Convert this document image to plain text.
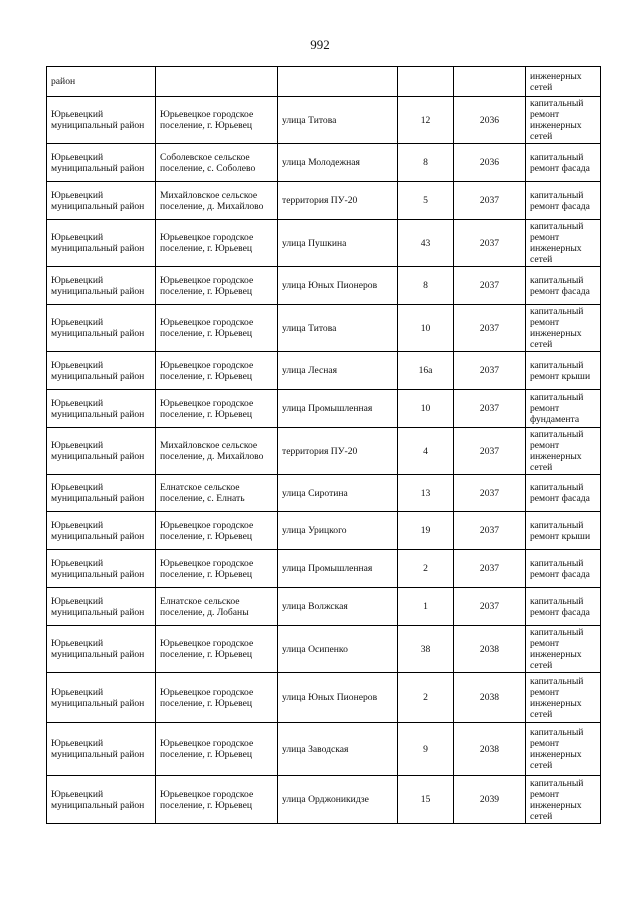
992
район					инженерных сетей
Юрьевецкий муниципальный район	Юрьевецкое городское поселение, г. Юрьевец	улица Титова	12	2036	капитальный ремонт инженерных сетей
Юрьевецкий муниципальный район	Соболевское сельское поселение, с. Соболево	улица Молодежная	8	2036	капитальный ремонт фасада
Юрьевецкий муниципальный район	Михайловское сельское поселение, д. Михайлово	территория ПУ-20	5	2037	капитальный ремонт фасада
Юрьевецкий муниципальный район	Юрьевецкое городское поселение, г. Юрьевец	улица Пушкина	43	2037	капитальный ремонт инженерных сетей
Юрьевецкий муниципальный район	Юрьевецкое городское поселение, г. Юрьевец	улица Юных Пионеров	8	2037	капитальный ремонт фасада
Юрьевецкий муниципальный район	Юрьевецкое городское поселение, г. Юрьевец	улица Титова	10	2037	капитальный ремонт инженерных сетей
Юрьевецкий муниципальный район	Юрьевецкое городское поселение, г. Юрьевец	улица Лесная	16а	2037	капитальный ремонт крыши
Юрьевецкий муниципальный район	Юрьевецкое городское поселение, г. Юрьевец	улица Промышленная	10	2037	капитальный ремонт фундамента
Юрьевецкий муниципальный район	Михайловское сельское поселение, д. Михайлово	территория ПУ-20	4	2037	капитальный ремонт инженерных сетей
Юрьевецкий муниципальный район	Елнатское сельское поселение, с. Елнать	улица Сиротина	13	2037	капитальный ремонт фасада
Юрьевецкий муниципальный район	Юрьевецкое городское поселение, г. Юрьевец	улица Урицкого	19	2037	капитальный ремонт крыши
Юрьевецкий муниципальный район	Юрьевецкое городское поселение, г. Юрьевец	улица Промышленная	2	2037	капитальный ремонт фасада
Юрьевецкий муниципальный район	Елнатское сельское поселение, д. Лобаны	улица Волжская	1	2037	капитальный ремонт фасада
Юрьевецкий муниципальный район	Юрьевецкое городское поселение, г. Юрьевец	улица Осипенко	38	2038	капитальный ремонт инженерных сетей
Юрьевецкий муниципальный район	Юрьевецкое городское поселение, г. Юрьевец	улица Юных Пионеров	2	2038	капитальный ремонт инженерных сетей
Юрьевецкий муниципальный район	Юрьевецкое городское поселение, г. Юрьевец	улица Заводская	9	2038	капитальный ремонт инженерных сетей
Юрьевецкий муниципальный район	Юрьевецкое городское поселение, г. Юрьевец	улица Орджоникидзе	15	2039	капитальный ремонт инженерных сетей
